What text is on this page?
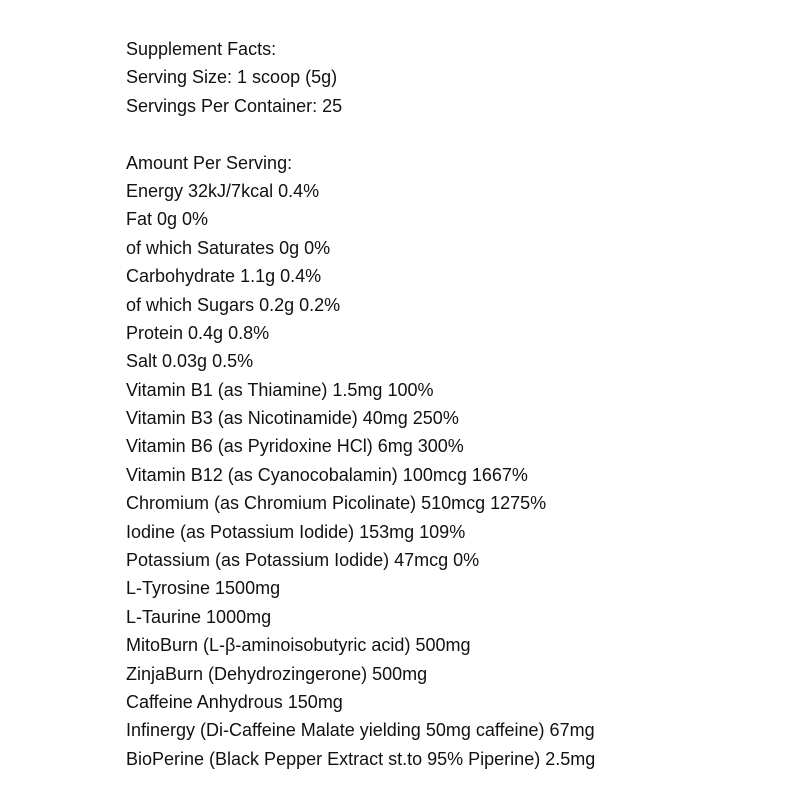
Supplement Facts:
Serving Size: 1 scoop (5g)
Servings Per Container: 25
Amount Per Serving:
Energy 32kJ/7kcal 0.4%
Fat 0g 0%
of which Saturates 0g 0%
Carbohydrate 1.1g 0.4%
of which Sugars 0.2g 0.2%
Protein 0.4g 0.8%
Salt 0.03g 0.5%
Vitamin B1 (as Thiamine) 1.5mg 100%
Vitamin B3 (as Nicotinamide) 40mg 250%
Vitamin B6 (as Pyridoxine HCl) 6mg 300%
Vitamin B12 (as Cyanocobalamin) 100mcg 1667%
Chromium (as Chromium Picolinate) 510mcg 1275%
Iodine (as Potassium Iodide) 153mg 109%
Potassium (as Potassium Iodide) 47mcg 0%
L-Tyrosine 1500mg
L-Taurine 1000mg
MitoBurn (L-β-aminoisobutyric acid) 500mg
ZinjaBurn (Dehydrozingerone) 500mg
Caffeine Anhydrous 150mg
Infinergy (Di-Caffeine Malate yielding 50mg caffeine) 67mg
BioPerine (Black Pepper Extract st.to 95% Piperine) 2.5mg
